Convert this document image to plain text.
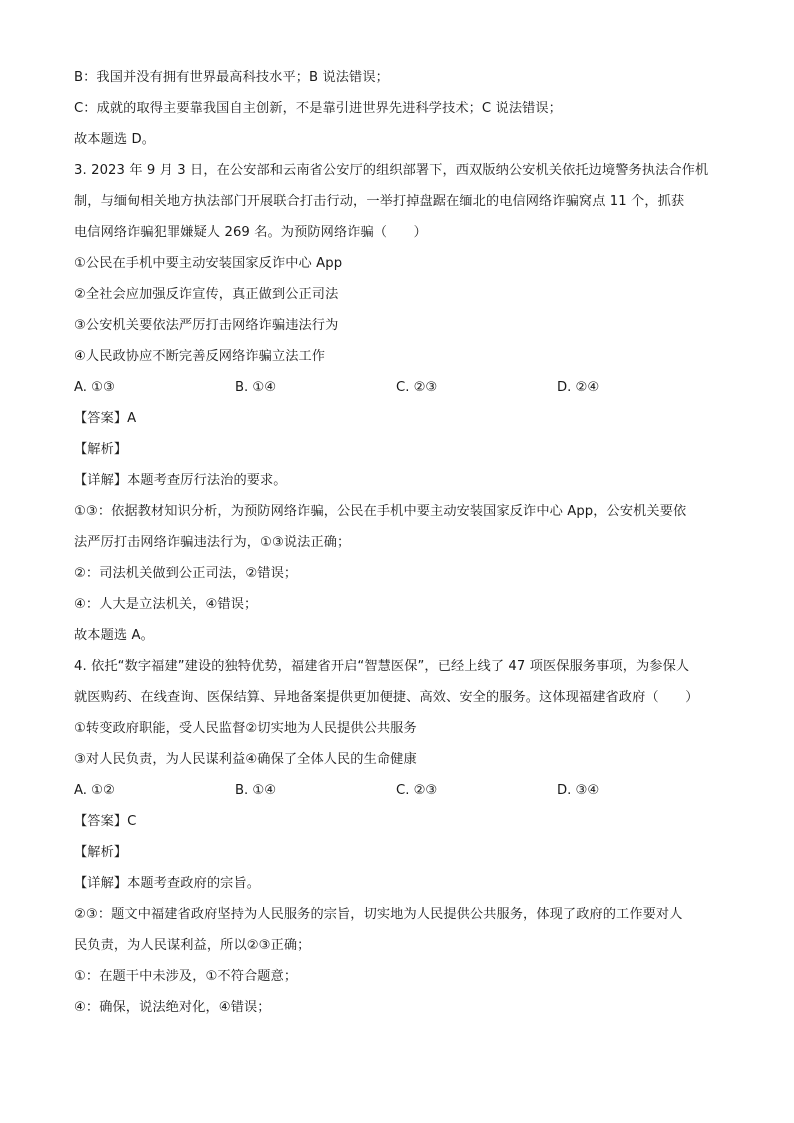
B：我国并没有拥有世界最高科技水平；B 说法错误；
C：成就的取得主要靠我国自主创新，不是靠引进世界先进科学技术；C 说法错误；
故本题选 D。
3. 2023 年 9 月 3 日，在公安部和云南省公安厅的组织部署下，西双版纳公安机关依托边境警务执法合作机
制，与缅甸相关地方执法部门开展联合打击行动，一举打掉盘踞在缅北的电信网络诈骗窝点 11 个，抓获
电信网络诈骗犯罪嫌疑人 269 名。为预防网络诈骗（　　）
①公民在手机中要主动安装国家反诈中心 App
②全社会应加强反诈宣传，真正做到公正司法
③公安机关要依法严厉打击网络诈骗违法行为
④人民政协应不断完善反网络诈骗立法工作
A. ①③	B. ①④	C. ②③	D. ②④
【答案】A
【解析】
【详解】本题考查厉行法治的要求。
①③：依据教材知识分析，为预防网络诈骗，公民在手机中要主动安装国家反诈中心 App，公安机关要依
法严厉打击网络诈骗违法行为，①③说法正确；
②：司法机关做到公正司法，②错误；
④：人大是立法机关，④错误；
故本题选 A。
4. 依托“数字福建”建设的独特优势，福建省开启“智慧医保”，已经上线了 47 项医保服务事项，为参保人
就医购药、在线查询、医保结算、异地备案提供更加便捷、高效、安全的服务。这体现福建省政府（　　）
①转变政府职能，受人民监督②切实地为人民提供公共服务
③对人民负责，为人民谋利益④确保了全体人民的生命健康
A. ①②	B. ①④	C. ②③	D. ③④
【答案】C
【解析】
【详解】本题考查政府的宗旨。
②③：题文中福建省政府坚持为人民服务的宗旨，切实地为人民提供公共服务，体现了政府的工作要对人
民负责，为人民谋利益，所以②③正确；
①：在题干中未涉及，①不符合题意；
④：确保，说法绝对化，④错误；
